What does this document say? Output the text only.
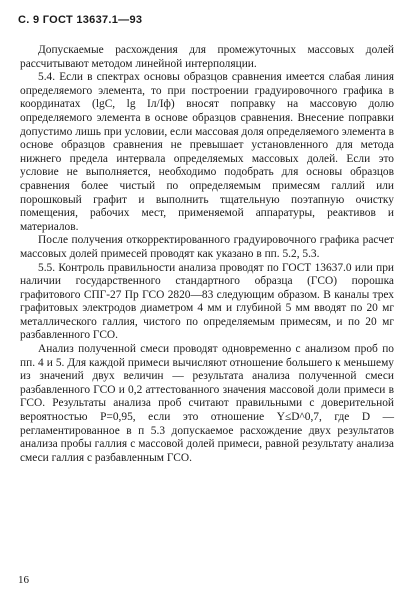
С. 9 ГОСТ 13637.1—93

Допускаемые расхождения для промежуточных массовых долей рассчитывают методом линейной интерполяции.

5.4. Если в спектрах основы образцов сравнения имеется слабая линия определяемого элемента, то при построении градуировочного графика в координатах (lgC, lg Iл/Iф) вносят поправку на массовую долю определяемого элемента в основе образцов сравнения. Внесение поправки допустимо лишь при условии, если массовая доля определяемого элемента в основе образцов сравнения не превышает установленного для метода нижнего предела интервала определяемых массовых долей. Если это условие не выполняется, необходимо подобрать для основы образцов сравнения более чистый по определяемым примесям галлий или порошковый графит и выполнить тщательную поэтапную очистку помещения, рабочих мест, применяемой аппаратуры, реактивов и материалов.

После получения откорректированного градуировочного графика расчет массовых долей примесей проводят как указано в пп. 5.2, 5.3.

5.5. Контроль правильности анализа проводят по ГОСТ 13637.0 или при наличии государственного стандартного образца (ГСО) порошка графитового СПГ-27 Пр ГСО 2820—83 следующим образом. В каналы трех графитовых электродов диаметром 4 мм и глубиной 5 мм вводят по 20 мг металлического галлия, чистого по определяемым примесям, и по 20 мг разбавленного ГСО.

Анализ полученной смеси проводят одновременно с анализом проб по пп. 4 и 5. Для каждой примеси вычисляют отношение большего к меньшему из значений двух величин — результата анализа полученной смеси разбавленного ГСО и 0,2 аттестованного значения массовой доли примеси в ГСО. Результаты анализа проб считают правильными с доверительной вероятностью P=0,95, если это отношение Y≤D^0,7, где D — регламентированное в п 5.3 допускаемое расхождение двух результатов анализа пробы галлия с массовой долей примеси, равной результату анализа смеси галлия с разбавленным ГСО.

16
